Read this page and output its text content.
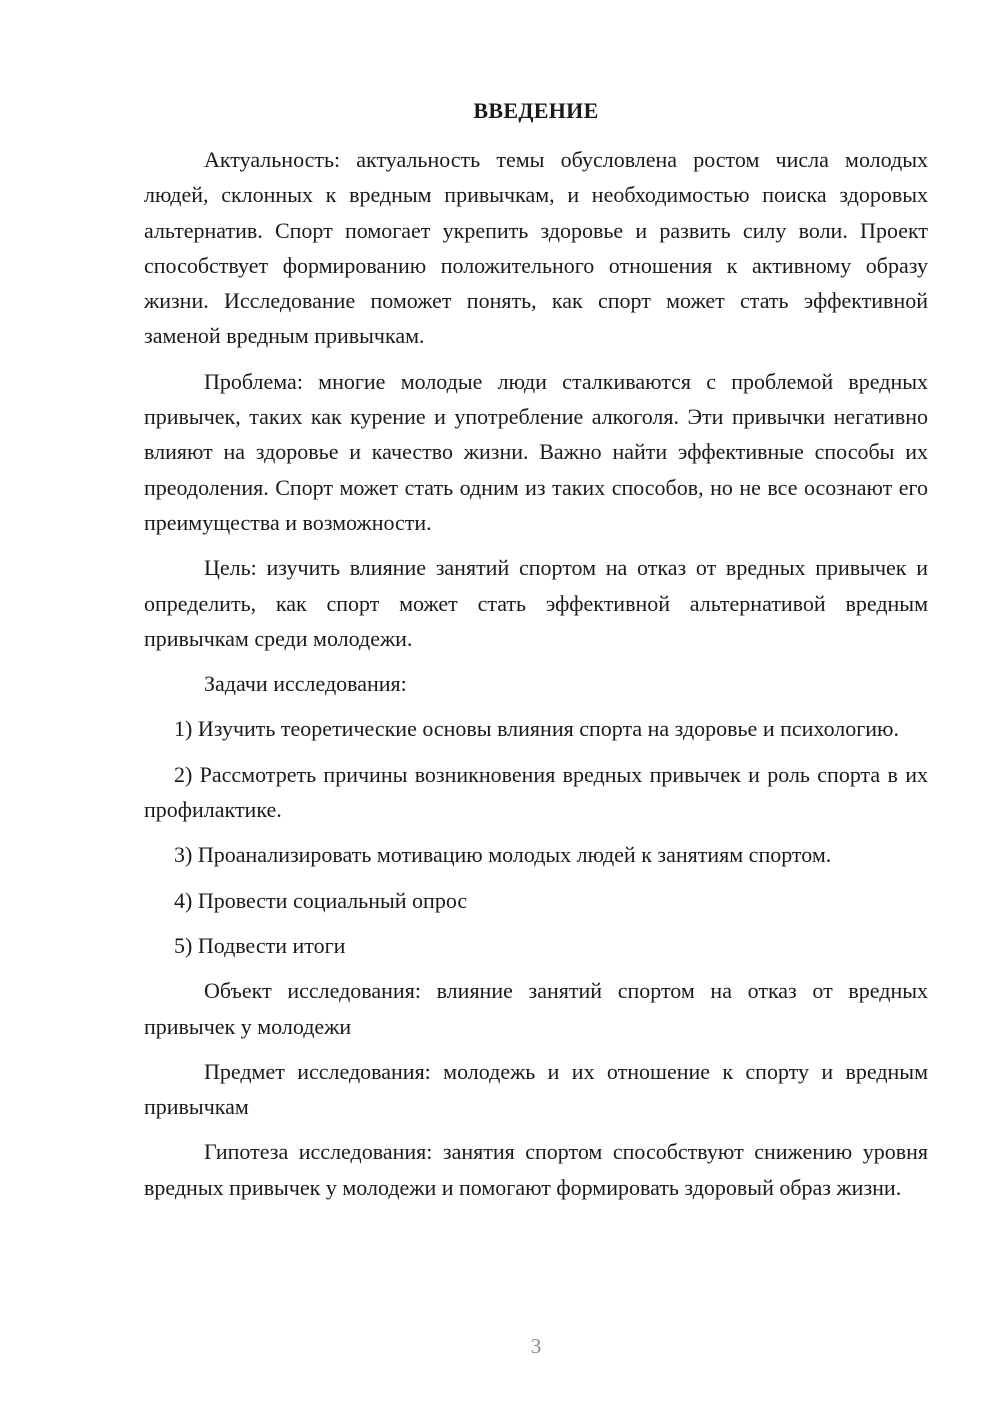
ВВЕДЕНИЕ

Актуальность: актуальность темы обусловлена ростом числа молодых людей, склонных к вредным привычкам, и необходимостью поиска здоровых альтернатив. Спорт помогает укрепить здоровье и развить силу воли. Проект способствует формированию положительного отношения к активному образу жизни. Исследование поможет понять, как спорт может стать эффективной заменой вредным привычкам.

Проблема: многие молодые люди сталкиваются с проблемой вредных привычек, таких как курение и употребление алкоголя. Эти привычки негативно влияют на здоровье и качество жизни. Важно найти эффективные способы их преодоления. Спорт может стать одним из таких способов, но не все осознают его преимущества и возможности.

Цель: изучить влияние занятий спортом на отказ от вредных привычек и определить, как спорт может стать эффективной альтернативой вредным привычкам среди молодежи.

Задачи исследования:

1) Изучить теоретические основы влияния спорта на здоровье и психологию.

2) Рассмотреть причины возникновения вредных привычек и роль спорта в их профилактике.

3) Проанализировать мотивацию молодых людей к занятиям спортом.

4) Провести социальный опрос

5) Подвести итоги

Объект исследования: влияние занятий спортом на отказ от вредных привычек у молодежи

Предмет исследования: молодежь и их отношение к спорту и вредным привычкам

Гипотеза исследования: занятия спортом способствуют снижению уровня вредных привычек у молодежи и помогают формировать здоровый образ жизни.

3
